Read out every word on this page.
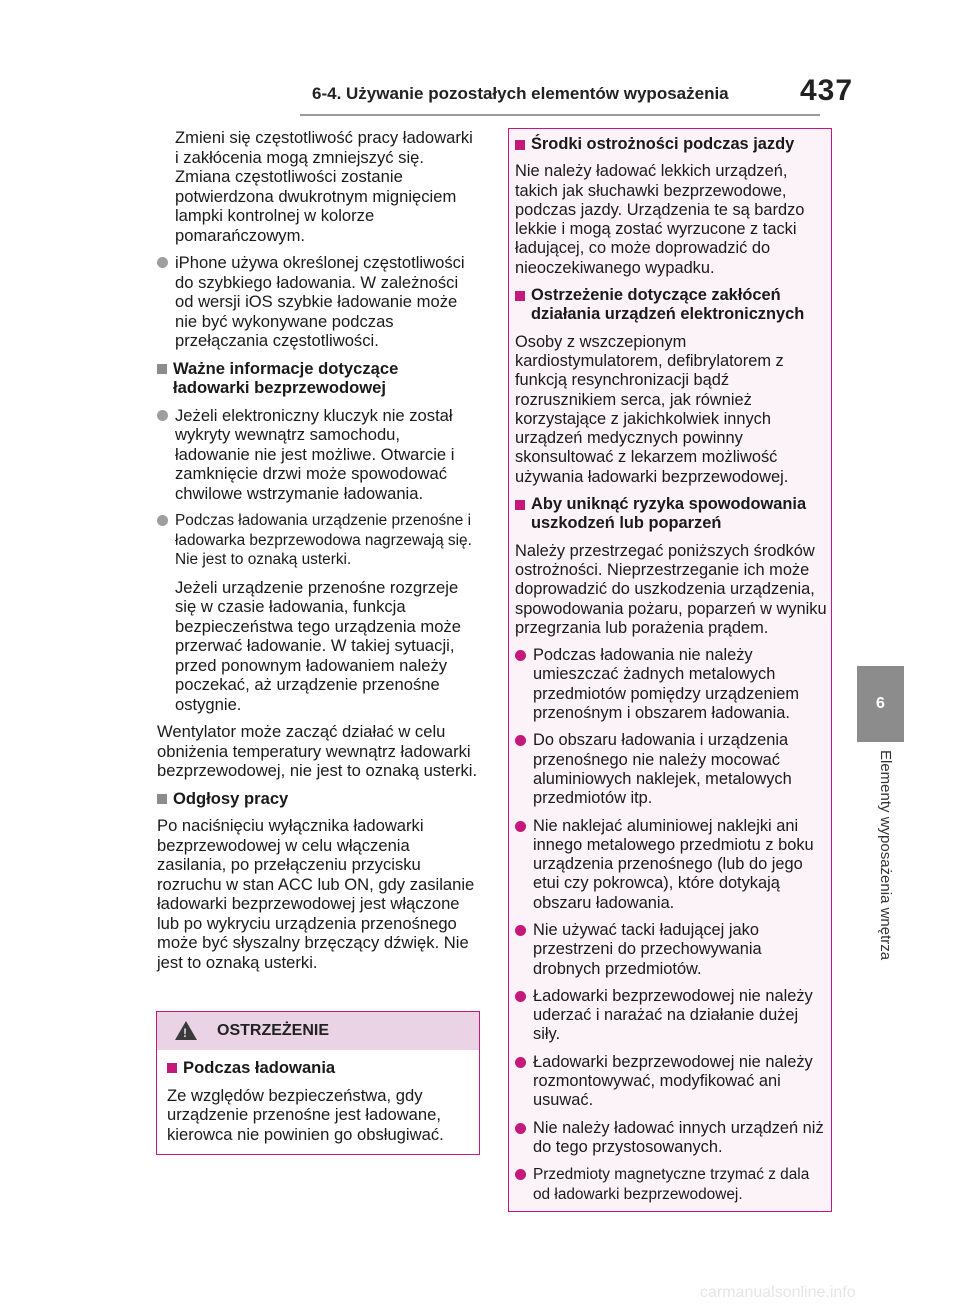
6-4. Używanie pozostałych elementów wyposażenia	437

Zmieni się częstotliwość pracy ładowarki i zakłócenia mogą zmniejszyć się. Zmiana częstotliwości zostanie potwierdzona dwukrotnym mignięciem lampki kontrolnej w kolorze pomarańczowym.

iPhone używa określonej częstotliwości do szybkiego ładowania. W zależności od wersji iOS szybkie ładowanie może nie być wykonywane podczas przełączania częstotliwości.
Ważne informacje dotyczące ładowarki bezprzewodowej
Jeżeli elektroniczny kluczyk nie został wykryty wewnątrz samochodu, ładowanie nie jest możliwe. Otwarcie i zamknięcie drzwi może spowodować chwilowe wstrzymanie ładowania.
Podczas ładowania urządzenie przenośne i ładowarka bezprzewodowa nagrzewają się. Nie jest to oznaką usterki.

Jeżeli urządzenie przenośne rozgrzeje się w czasie ładowania, funkcja bezpieczeństwa tego urządzenia może przerwać ładowanie. W takiej sytuacji, przed ponownym ładowaniem należy poczekać, aż urządzenie przenośne ostygnie.

Wentylator może zacząć działać w celu obniżenia temperatury wewnątrz ładowarki bezprzewodowej, nie jest to oznaką usterki.

Odgłosy pracy

Po naciśnięciu wyłącznika ładowarki bezprzewodowej w celu włączenia zasilania, po przełączeniu przycisku rozruchu w stan ACC lub ON, gdy zasilanie ładowarki bezprzewodowej jest włączone lub po wykryciu urządzenia przenośnego może być słyszalny brzęczący dźwięk. Nie jest to oznaką usterki.

! OSTRZEŻENIE
Podczas ładowania

Ze względów bezpieczeństwa, gdy urządzenie przenośne jest ładowane, kierowca nie powinien go obsługiwać.

Środki ostrożności podczas jazdy

Nie należy ładować lekkich urządzeń, takich jak słuchawki bezprzewodowe, podczas jazdy. Urządzenia te są bardzo lekkie i mogą zostać wyrzucone z tacki ładującej, co może doprowadzić do nieoczekiwanego wypadku.

Ostrzeżenie dotyczące zakłóceń działania urządzeń elektronicznych

Osoby z wszczepionym kardiostymulatorem, defibrylatorem z funkcją resynchronizacji bądź rozrusznikiem serca, jak również korzystające z jakichkolwiek innych urządzeń medycznych powinny skonsultować z lekarzem możliwość używania ładowarki bezprzewodowej.

Aby uniknąć ryzyka spowodowania uszkodzeń lub poparzeń

Należy przestrzegać poniższych środków ostrożności. Nieprzestrzeganie ich może doprowadzić do uszkodzenia urządzenia, spowodowania pożaru, poparzeń w wyniku przegrzania lub porażenia prądem.

Podczas ładowania nie należy umieszczać żadnych metalowych przedmiotów pomiędzy urządzeniem przenośnym i obszarem ładowania.
Do obszaru ładowania i urządzenia przenośnego nie należy mocować aluminiowych naklejek, metalowych przedmiotów itp.
Nie naklejać aluminiowej naklejki ani innego metalowego przedmiotu z boku urządzenia przenośnego (lub do jego etui czy pokrowca), które dotykają obszaru ładowania.
Nie używać tacki ładującej jako przestrzeni do przechowywania drobnych przedmiotów.
Ładowarki bezprzewodowej nie należy uderzać i narażać na działanie dużej siły.
Ładowarki bezprzewodowej nie należy rozmontowywać, modyfikować ani usuwać.
Nie należy ładować innych urządzeń niż do tego przystosowanych.
Przedmioty magnetyczne trzymać z dala od ładowarki bezprzewodowej.
6
Elementy wyposażenia wnętrza
carmanualsonline.info
